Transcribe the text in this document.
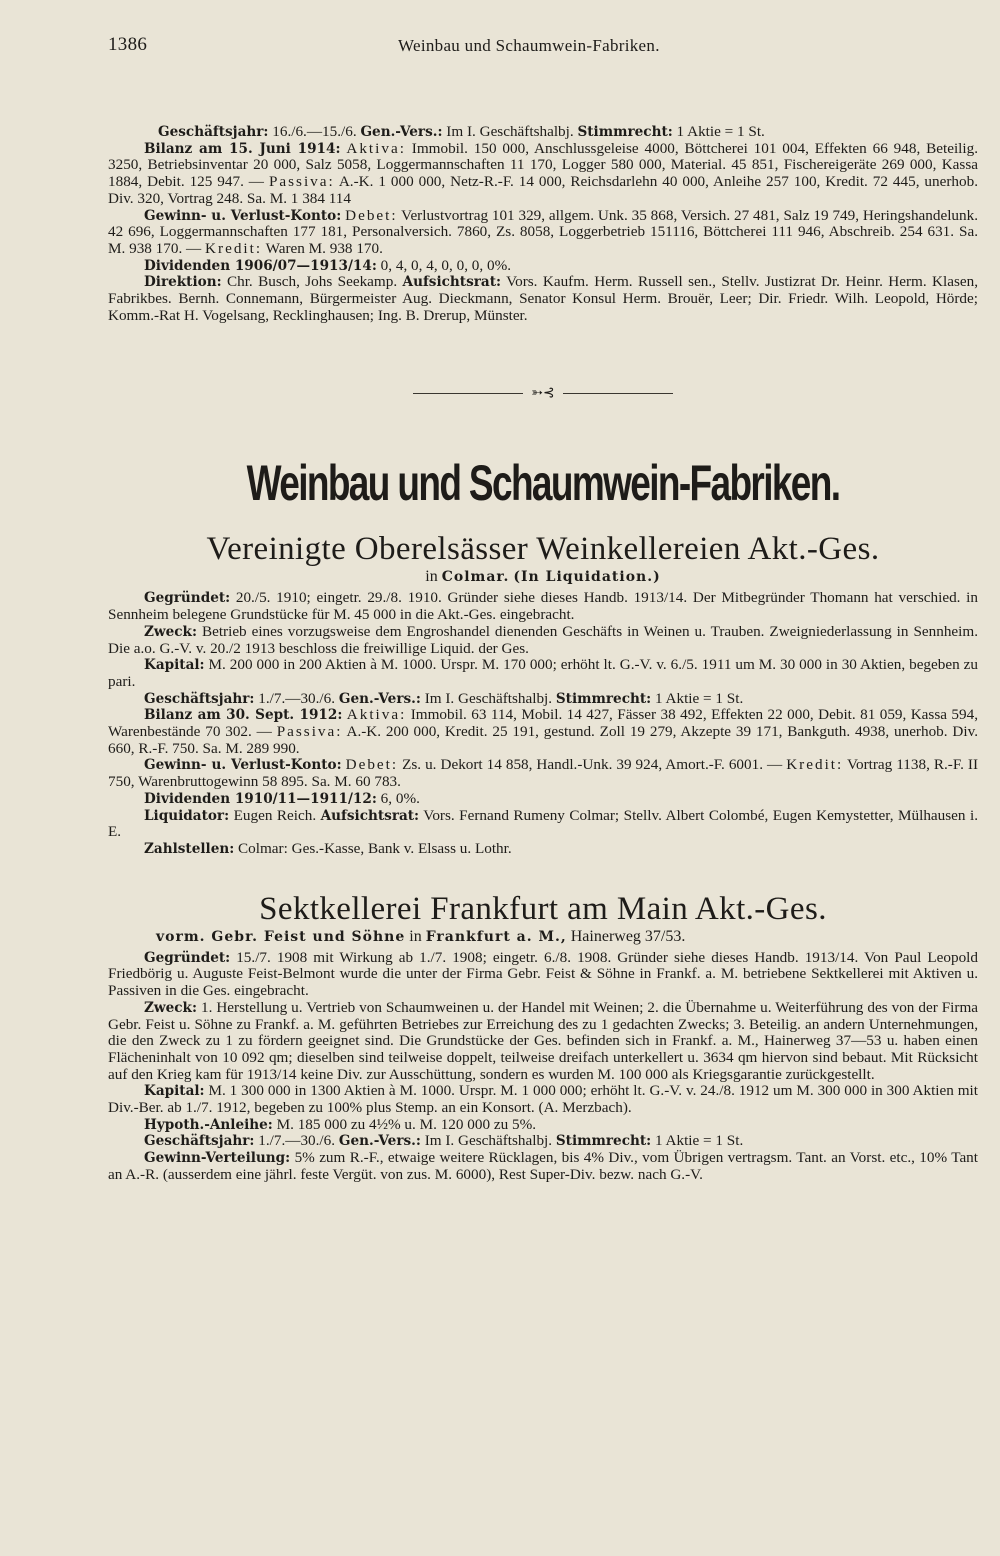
1386	Weinbau und Schaumwein-Fabriken.

Geschäftsjahr: 16./6.—15./6. Gen.-Vers.: Im I. Geschäftshalbj. Stimmrecht: 1 Aktie = 1 St.

Bilanz am 15. Juni 1914: Aktiva: Immobil. 150 000, Anschlussgeleise 4000, Böttcherei 101 004, Effekten 66 948, Beteilig. 3250, Betriebsinventar 20 000, Salz 5058, Loggermannschaften 11 170, Logger 580 000, Material. 45 851, Fischereigeräte 269 000, Kassa 1884, Debit. 125 947. — Passiva: A.-K. 1 000 000, Netz-R.-F. 14 000, Reichsdarlehn 40 000, Anleihe 257 100, Kredit. 72 445, unerhob. Div. 320, Vortrag 248. Sa. M. 1 384 114

Gewinn- u. Verlust-Konto: Debet: Verlustvortrag 101 329, allgem. Unk. 35 868, Versich. 27 481, Salz 19 749, Heringshandelunk. 42 696, Loggermannschaften 177 181, Personalversich. 7860, Zs. 8058, Loggerbetrieb 151116, Böttcherei 111 946, Abschreib. 254 631. Sa. M. 938 170. — Kredit: Waren M. 938 170.

Dividenden 1906/07—1913/14: 0, 4, 0, 4, 0, 0, 0, 0%.

Direktion: Chr. Busch, Johs Seekamp. Aufsichtsrat: Vors. Kaufm. Herm. Russell sen., Stellv. Justizrat Dr. Heinr. Herm. Klasen, Fabrikbes. Bernh. Connemann, Bürgermeister Aug. Dieckmann, Senator Konsul Herm. Brouër, Leer; Dir. Friedr. Wilh. Leopold, Hörde; Komm.-Rat H. Vogelsang, Recklinghausen; Ing. B. Drerup, Münster.

➳⊰
Weinbau und Schaumwein-Fabriken.
Vereinigte Oberelsässer Weinkellereien Akt.-Ges.
in Colmar. (In Liquidation.)

Gegründet: 20./5. 1910; eingetr. 29./8. 1910. Gründer siehe dieses Handb. 1913/14. Der Mitbegründer Thomann hat verschied. in Sennheim belegene Grundstücke für M. 45 000 in die Akt.-Ges. eingebracht.

Zweck: Betrieb eines vorzugsweise dem Engroshandel dienenden Geschäfts in Weinen u. Trauben. Zweigniederlassung in Sennheim. Die a.o. G.-V. v. 20./2 1913 beschloss die freiwillige Liquid. der Ges.

Kapital: M. 200 000 in 200 Aktien à M. 1000. Urspr. M. 170 000; erhöht lt. G.-V. v. 6./5. 1911 um M. 30 000 in 30 Aktien, begeben zu pari.

Geschäftsjahr: 1./7.—30./6. Gen.-Vers.: Im I. Geschäftshalbj. Stimmrecht: 1 Aktie = 1 St.

Bilanz am 30. Sept. 1912: Aktiva: Immobil. 63 114, Mobil. 14 427, Fässer 38 492, Effekten 22 000, Debit. 81 059, Kassa 594, Warenbestände 70 302. — Passiva: A.-K. 200 000, Kredit. 25 191, gestund. Zoll 19 279, Akzepte 39 171, Bankguth. 4938, unerhob. Div. 660, R.-F. 750. Sa. M. 289 990.

Gewinn- u. Verlust-Konto: Debet: Zs. u. Dekort 14 858, Handl.-Unk. 39 924, Amort.-F. 6001. — Kredit: Vortrag 1138, R.-F. II 750, Warenbruttogewinn 58 895. Sa. M. 60 783.

Dividenden 1910/11—1911/12: 6, 0%.

Liquidator: Eugen Reich. Aufsichtsrat: Vors. Fernand Rumeny Colmar; Stellv. Albert Colombé, Eugen Kemystetter, Mülhausen i. E.

Zahlstellen: Colmar: Ges.-Kasse, Bank v. Elsass u. Lothr.

Sektkellerei Frankfurt am Main Akt.-Ges.
vorm. Gebr. Feist und Söhne in Frankfurt a. M., Hainerweg 37/53.

Gegründet: 15./7. 1908 mit Wirkung ab 1./7. 1908; eingetr. 6./8. 1908. Gründer siehe dieses Handb. 1913/14. Von Paul Leopold Friedbörig u. Auguste Feist-Belmont wurde die unter der Firma Gebr. Feist & Söhne in Frankf. a. M. betriebene Sektkellerei mit Aktiven u. Passiven in die Ges. eingebracht.

Zweck: 1. Herstellung u. Vertrieb von Schaumweinen u. der Handel mit Weinen; 2. die Übernahme u. Weiterführung des von der Firma Gebr. Feist u. Söhne zu Frankf. a. M. geführten Betriebes zur Erreichung des zu 1 gedachten Zwecks; 3. Beteilig. an andern Unternehmungen, die den Zweck zu 1 zu fördern geeignet sind. Die Grundstücke der Ges. befinden sich in Frankf. a. M., Hainerweg 37—53 u. haben einen Flächeninhalt von 10 092 qm; dieselben sind teilweise doppelt, teilweise dreifach unterkellert u. 3634 qm hiervon sind bebaut. Mit Rücksicht auf den Krieg kam für 1913/14 keine Div. zur Ausschüttung, sondern es wurden M. 100 000 als Kriegsgarantie zurückgestellt.

Kapital: M. 1 300 000 in 1300 Aktien à M. 1000. Urspr. M. 1 000 000; erhöht lt. G.-V. v. 24./8. 1912 um M. 300 000 in 300 Aktien mit Div.-Ber. ab 1./7. 1912, begeben zu 100% plus Stemp. an ein Konsort. (A. Merzbach).

Hypoth.-Anleihe: M. 185 000 zu 4½% u. M. 120 000 zu 5%.

Geschäftsjahr: 1./7.—30./6. Gen.-Vers.: Im I. Geschäftshalbj. Stimmrecht: 1 Aktie = 1 St.

Gewinn-Verteilung: 5% zum R.-F., etwaige weitere Rücklagen, bis 4% Div., vom Übrigen vertragsm. Tant. an Vorst. etc., 10% Tant an A.-R. (ausserdem eine jährl. feste Vergüt. von zus. M. 6000), Rest Super-Div. bezw. nach G.-V.
